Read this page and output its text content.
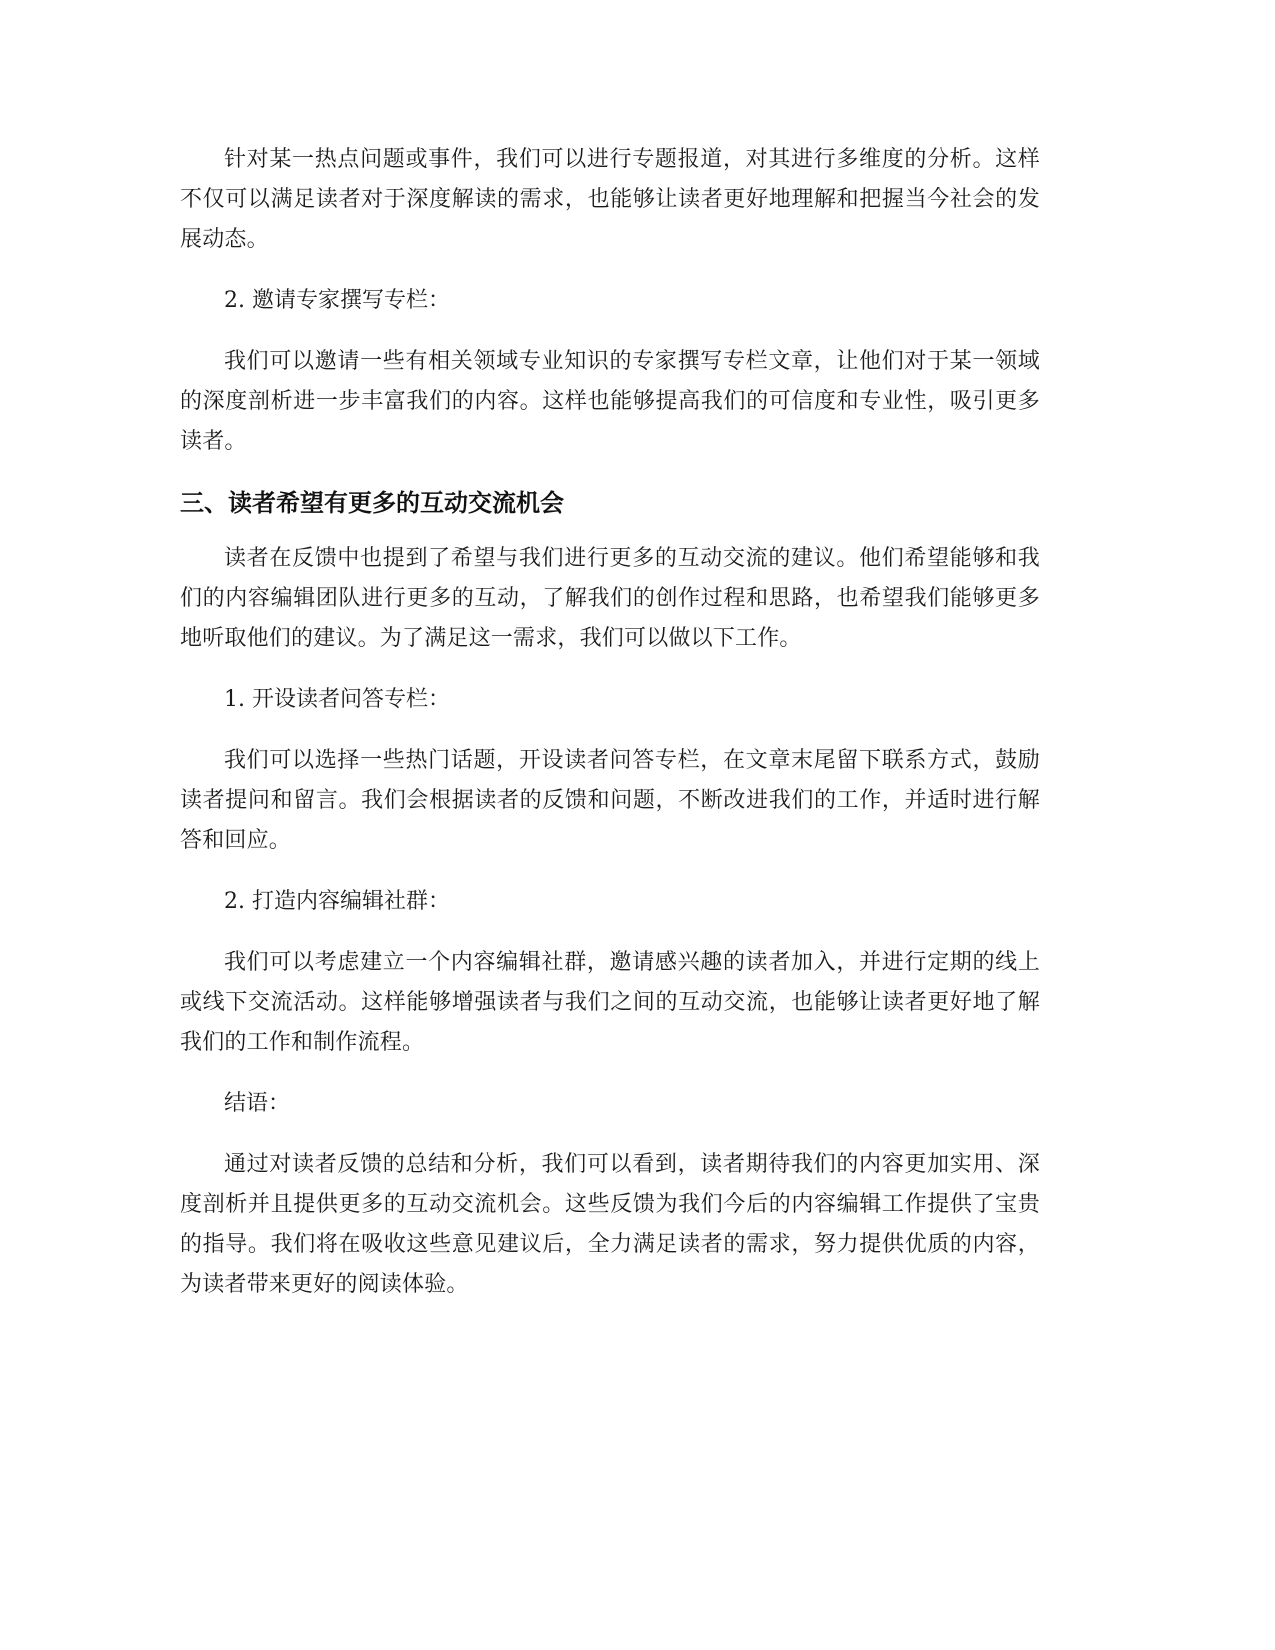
针对某一热点问题或事件，我们可以进行专题报道，对其进行多维度的分析。这样不仅可以满足读者对于深度解读的需求，也能够让读者更好地理解和把握当今社会的发展动态。

2. 邀请专家撰写专栏：

我们可以邀请一些有相关领域专业知识的专家撰写专栏文章，让他们对于某一领域的深度剖析进一步丰富我们的内容。这样也能够提高我们的可信度和专业性，吸引更多读者。

三、读者希望有更多的互动交流机会

读者在反馈中也提到了希望与我们进行更多的互动交流的建议。他们希望能够和我们的内容编辑团队进行更多的互动，了解我们的创作过程和思路，也希望我们能够更多地听取他们的建议。为了满足这一需求，我们可以做以下工作。

1. 开设读者问答专栏：

我们可以选择一些热门话题，开设读者问答专栏，在文章末尾留下联系方式，鼓励读者提问和留言。我们会根据读者的反馈和问题，不断改进我们的工作，并适时进行解答和回应。

2. 打造内容编辑社群：

我们可以考虑建立一个内容编辑社群，邀请感兴趣的读者加入，并进行定期的线上或线下交流活动。这样能够增强读者与我们之间的互动交流，也能够让读者更好地了解我们的工作和制作流程。

结语：

通过对读者反馈的总结和分析，我们可以看到，读者期待我们的内容更加实用、深度剖析并且提供更多的互动交流机会。这些反馈为我们今后的内容编辑工作提供了宝贵的指导。我们将在吸收这些意见建议后，全力满足读者的需求，努力提供优质的内容，为读者带来更好的阅读体验。
